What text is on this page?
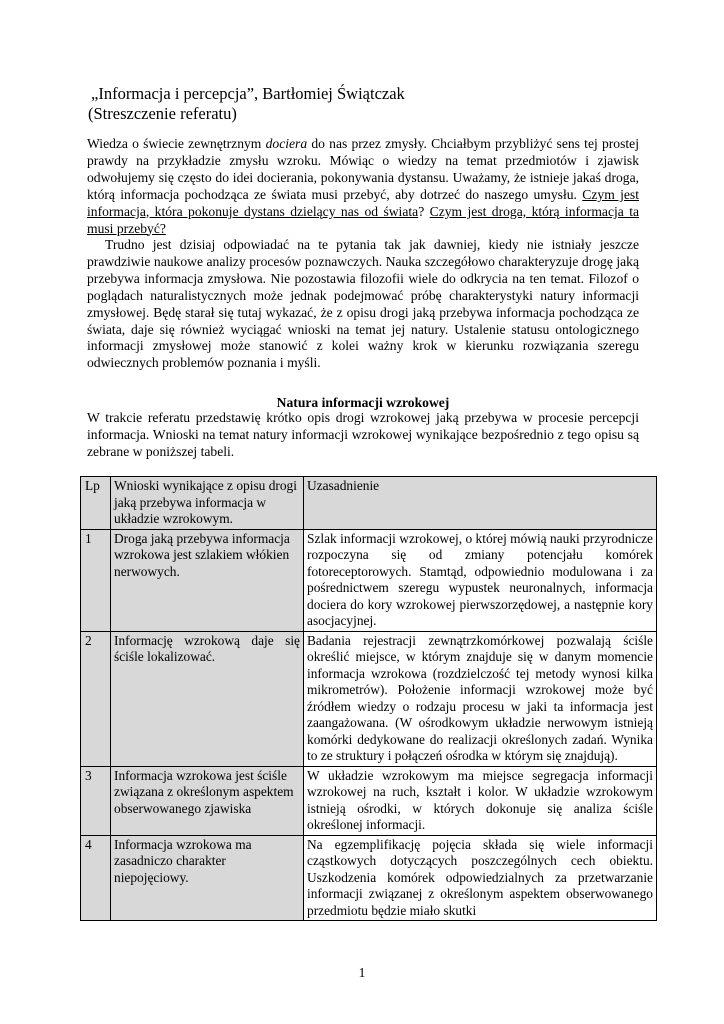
„Informacja i percepcja”, Bartłomiej Świątczak
(Streszczenie referatu)

Wiedza o świecie zewnętrznym dociera do nas przez zmysły. Chciałbym przybliżyć sens tej prostej prawdy na przykładzie zmysłu wzroku. Mówiąc o wiedzy na temat przedmiotów i zjawisk odwołujemy się często do idei docierania, pokonywania dystansu. Uważamy, że istnieje jakaś droga, którą informacja pochodząca ze świata musi przebyć, aby dotrzeć do naszego umysłu. Czym jest informacja, która pokonuje dystans dzielący nas od świata? Czym jest droga, którą informacja ta musi przebyć?

Trudno jest dzisiaj odpowiadać na te pytania tak jak dawniej, kiedy nie istniały jeszcze prawdziwie naukowe analizy procesów poznawczych. Nauka szczegółowo charakteryzuje drogę jaką przebywa informacja zmysłowa. Nie pozostawia filozofii wiele do odkrycia na ten temat. Filozof o poglądach naturalistycznych może jednak podejmować próbę charakterystyki natury informacji zmysłowej. Będę starał się tutaj wykazać, że z opisu drogi jaką przebywa informacja pochodząca ze świata, daje się również wyciągać wnioski na temat jej natury. Ustalenie statusu ontologicznego informacji zmysłowej może stanowić z kolei ważny krok w kierunku rozwiązania szeregu odwiecznych problemów poznania i myśli.

Natura informacji wzrokowej

W trakcie referatu przedstawię krótko opis drogi wzrokowej jaką przebywa w procesie percepcji informacja. Wnioski na temat natury informacji wzrokowej wynikające bezpośrednio z tego opisu są zebrane w poniższej tabeli.

Lp	Wnioski wynikające z opisu drogi jaką przebywa informacja w układzie wzrokowym.	Uzasadnienie
1	Droga jaką przebywa informacja wzrokowa jest szlakiem włókien nerwowych.	Szlak informacji wzrokowej, o której mówią nauki przyrodnicze rozpoczyna się od zmiany potencjału komórek fotoreceptorowych. Stamtąd, odpowiednio modulowana i za pośrednictwem szeregu wypustek neuronalnych, informacja dociera do kory wzrokowej pierwszorzędowej, a następnie kory asocjacyjnej.
2	Informację wzrokową daje się ściśle lokalizować.	Badania rejestracji zewnątrzkomórkowej pozwalają ściśle określić miejsce, w którym znajduje się w danym momencie informacja wzrokowa (rozdzielczość tej metody wynosi kilka mikrometrów). Położenie informacji wzrokowej może być źródłem wiedzy o rodzaju procesu w jaki ta informacja jest zaangażowana. (W ośrodkowym układzie nerwowym istnieją komórki dedykowane do realizacji określonych zadań. Wynika to ze struktury i połączeń ośrodka w którym się znajdują).
3	Informacja wzrokowa jest ściśle związana z określonym aspektem obserwowanego zjawiska	W układzie wzrokowym ma miejsce segregacja informacji wzrokowej na ruch, kształt i kolor. W układzie wzrokowym istnieją ośrodki, w których dokonuje się analiza ściśle określonej informacji.
4	Informacja wzrokowa ma zasadniczo charakter niepojęciowy.	Na egzemplifikację pojęcia składa się wiele informacji cząstkowych dotyczących poszczególnych cech obiektu. Uszkodzenia komórek odpowiedzialnych za przetwarzanie informacji związanej z określonym aspektem obserwowanego przedmiotu będzie miało skutki
1
